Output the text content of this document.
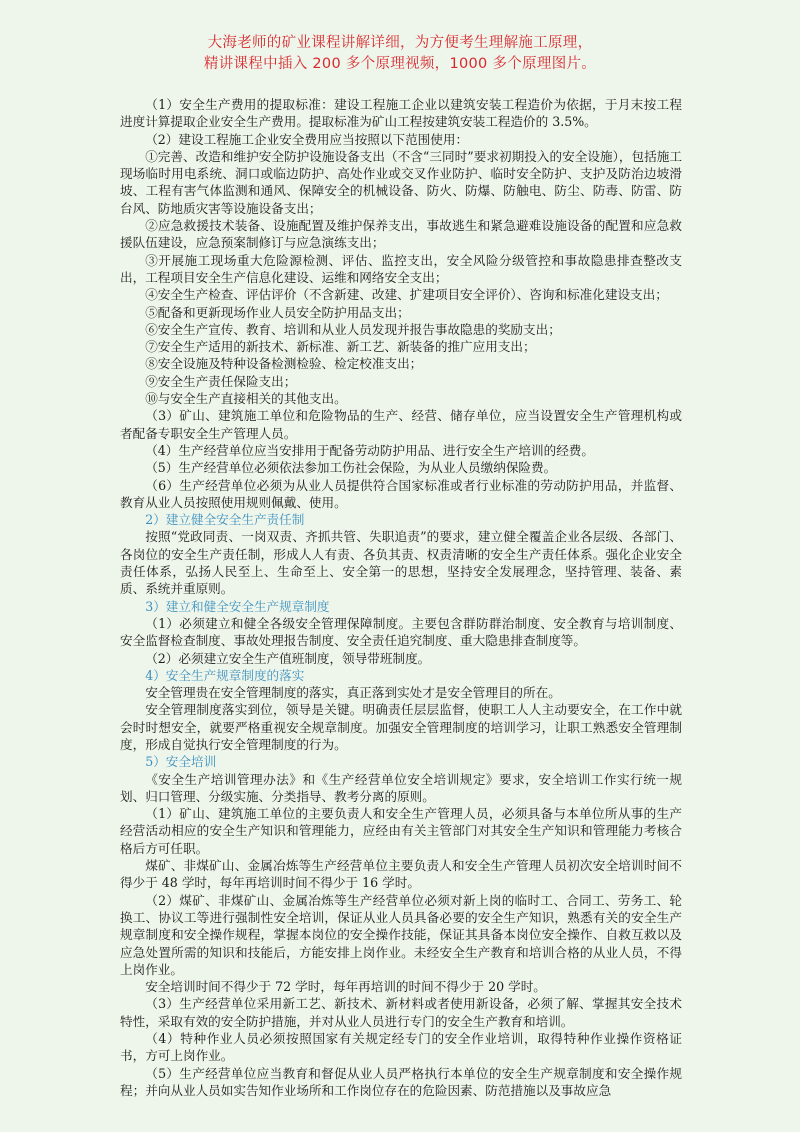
大海老师的矿业课程讲解详细，为方便考生理解施工原理，
精讲课程中插入 200 多个原理视频，1000 多个原理图片。

（1）安全生产费用的提取标准：建设工程施工企业以建筑安装工程造价为依据，于月末按工程进度计算提取企业安全生产费用。提取标准为矿山工程按建筑安装工程造价的 3.5%。

（2）建设工程施工企业安全费用应当按照以下范围使用：

①完善、改造和维护安全防护设施设备支出（不含“三同时”要求初期投入的安全设施），包括施工现场临时用电系统、洞口或临边防护、高处作业或交叉作业防护、临时安全防护、支护及防治边坡滑坡、工程有害气体监测和通风、保障安全的机械设备、防火、防爆、防触电、防尘、防毒、防雷、防台风、防地质灾害等设施设备支出；

②应急救援技术装备、设施配置及维护保养支出，事故逃生和紧急避难设施设备的配置和应急救援队伍建设，应急预案制修订与应急演练支出；

③开展施工现场重大危险源检测、评估、监控支出，安全风险分级管控和事故隐患排查整改支出，工程项目安全生产信息化建设、运维和网络安全支出；

④安全生产检查、评估评价（不含新建、改建、扩建项目安全评价）、咨询和标准化建设支出；

⑤配备和更新现场作业人员安全防护用品支出；

⑥安全生产宣传、教育、培训和从业人员发现并报告事故隐患的奖励支出；

⑦安全生产适用的新技术、新标准、新工艺、新装备的推广应用支出；

⑧安全设施及特种设备检测检验、检定校准支出；

⑨安全生产责任保险支出；

⑩与安全生产直接相关的其他支出。

（3）矿山、建筑施工单位和危险物品的生产、经营、储存单位，应当设置安全生产管理机构或者配备专职安全生产管理人员。

（4）生产经营单位应当安排用于配备劳动防护用品、进行安全生产培训的经费。

（5）生产经营单位必须依法参加工伤社会保险，为从业人员缴纳保险费。

（6）生产经营单位必须为从业人员提供符合国家标准或者行业标准的劳动防护用品，并监督、教育从业人员按照使用规则佩戴、使用。

2）建立健全安全生产责任制

按照“党政同责、一岗双责、齐抓共管、失职追责”的要求，建立健全覆盖企业各层级、各部门、各岗位的安全生产责任制，形成人人有责、各负其责、权责清晰的安全生产责任体系。强化企业安全责任体系，弘扬人民至上、生命至上、安全第一的思想，坚持安全发展理念，坚持管理、装备、素质、系统并重原则。

3）建立和健全安全生产规章制度

（1）必须建立和健全各级安全管理保障制度。主要包含群防群治制度、安全教育与培训制度、安全监督检查制度、事故处理报告制度、安全责任追究制度、重大隐患排查制度等。

（2）必须建立安全生产值班制度，领导带班制度。

4）安全生产规章制度的落实

安全管理贵在安全管理制度的落实，真正落到实处才是安全管理目的所在。

安全管理制度落实到位，领导是关键。明确责任层层监督，使职工人人主动要安全，在工作中就会时时想安全，就要严格重视安全规章制度。加强安全管理制度的培训学习，让职工熟悉安全管理制度，形成自觉执行安全管理制度的行为。

5）安全培训

《安全生产培训管理办法》和《生产经营单位安全培训规定》要求，安全培训工作实行统一规划、归口管理、分级实施、分类指导、教考分离的原则。

（1）矿山、建筑施工单位的主要负责人和安全生产管理人员，必须具备与本单位所从事的生产经营活动相应的安全生产知识和管理能力，应经由有关主管部门对其安全生产知识和管理能力考核合格后方可任职。

煤矿、非煤矿山、金属冶炼等生产经营单位主要负责人和安全生产管理人员初次安全培训时间不得少于 48 学时，每年再培训时间不得少于 16 学时。

（2）煤矿、非煤矿山、金属冶炼等生产经营单位必须对新上岗的临时工、合同工、劳务工、轮换工、协议工等进行强制性安全培训，保证从业人员具备必要的安全生产知识，熟悉有关的安全生产规章制度和安全操作规程，掌握本岗位的安全操作技能，保证其具备本岗位安全操作、自救互救以及应急处置所需的知识和技能后，方能安排上岗作业。未经安全生产教育和培训合格的从业人员，不得上岗作业。

安全培训时间不得少于 72 学时，每年再培训的时间不得少于 20 学时。

（3）生产经营单位采用新工艺、新技术、新材料或者使用新设备，必须了解、掌握其安全技术特性，采取有效的安全防护措施，并对从业人员进行专门的安全生产教育和培训。

（4）特种作业人员必须按照国家有关规定经专门的安全作业培训，取得特种作业操作资格证书，方可上岗作业。

（5）生产经营单位应当教育和督促从业人员严格执行本单位的安全生产规章制度和安全操作规程；并向从业人员如实告知作业场所和工作岗位存在的危险因素、防范措施以及事故应急
